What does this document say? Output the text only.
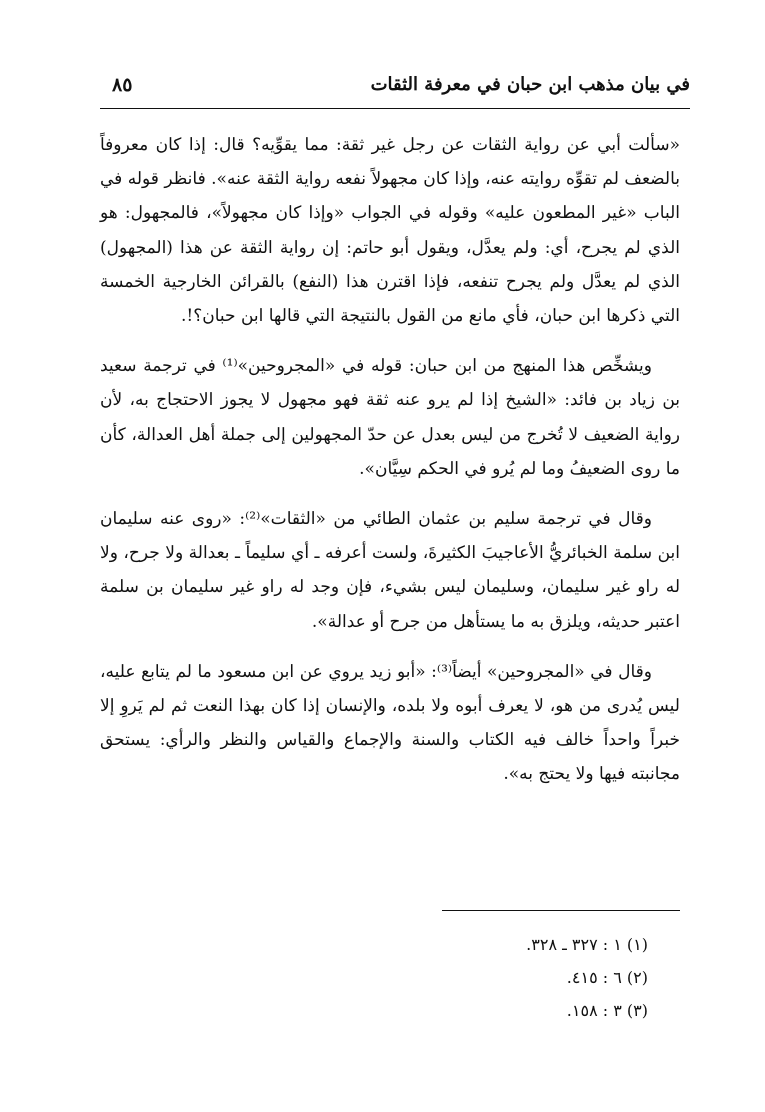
في بيان مذهب ابن حبان في معرفة الثقات
٨٥

«سألت أبي عن رواية الثقات عن رجل غير ثقة: مما يقوِّيه؟ قال: إذا كان معروفاً بالضعف لم تقوِّه روايته عنه، وإذا كان مجهولاً نفعه رواية الثقة عنه». فانظر قوله في الباب «غير المطعون عليه» وقوله في الجواب «وإذا كان مجهولاً»، فالمجهول: هو الذي لم يجرح، أي: ولم يعدَّل، ويقول أبو حاتم: إن رواية الثقة عن هذا (المجهول) الذي لم يعدَّل ولم يجرح تنفعه، فإذا اقترن هذا (النفع) بالقرائن الخارجية الخمسة التي ذكرها ابن حبان، فأي مانع من القول بالنتيجة التي قالها ابن حبان؟!.

ويشخِّص هذا المنهج من ابن حبان: قوله في «المجروحين»⁽¹⁾ في ترجمة سعيد بن زياد بن فائد: «الشيخ إذا لم يرو عنه ثقة فهو مجهول لا يجوز الاحتجاج به، لأن رواية الضعيف لا تُخرج من ليس بعدل عن حدّ المجهولين إلى جملة أهل العدالة، كأن ما روى الضعيفُ وما لم يُرو في الحكم سِيَّان».

وقال في ترجمة سليم بن عثمان الطائي من «الثقات»⁽²⁾: «روى عنه سليمان ابن سلمة الخبائريُّ الأعاجيبَ الكثيرةَ، ولست أعرفه ـ أي سليماً ـ بعدالة ولا جرح، ولا له راو غير سليمان، وسليمان ليس بشيء، فإن وجد له راو غير سليمان بن سلمة اعتبر حديثه، ويلزق به ما يستأهل من جرح أو عدالة».

وقال في «المجروحين» أيضاً⁽³⁾: «أبو زيد يروي عن ابن مسعود ما لم يتابع عليه، ليس يُدرى من هو، لا يعرف أبوه ولا بلده، والإنسان إذا كان بهذا النعت ثم لم يَروِ إلا خبراً واحداً خالف فيه الكتاب والسنة والإجماع والقياس والنظر والرأي: يستحق مجانبته فيها ولا يحتج به».

(١) ١ : ٣٢٧ ـ ٣٢٨.
(٢) ٦ : ٤١٥.
(٣) ٣ : ١٥٨.
